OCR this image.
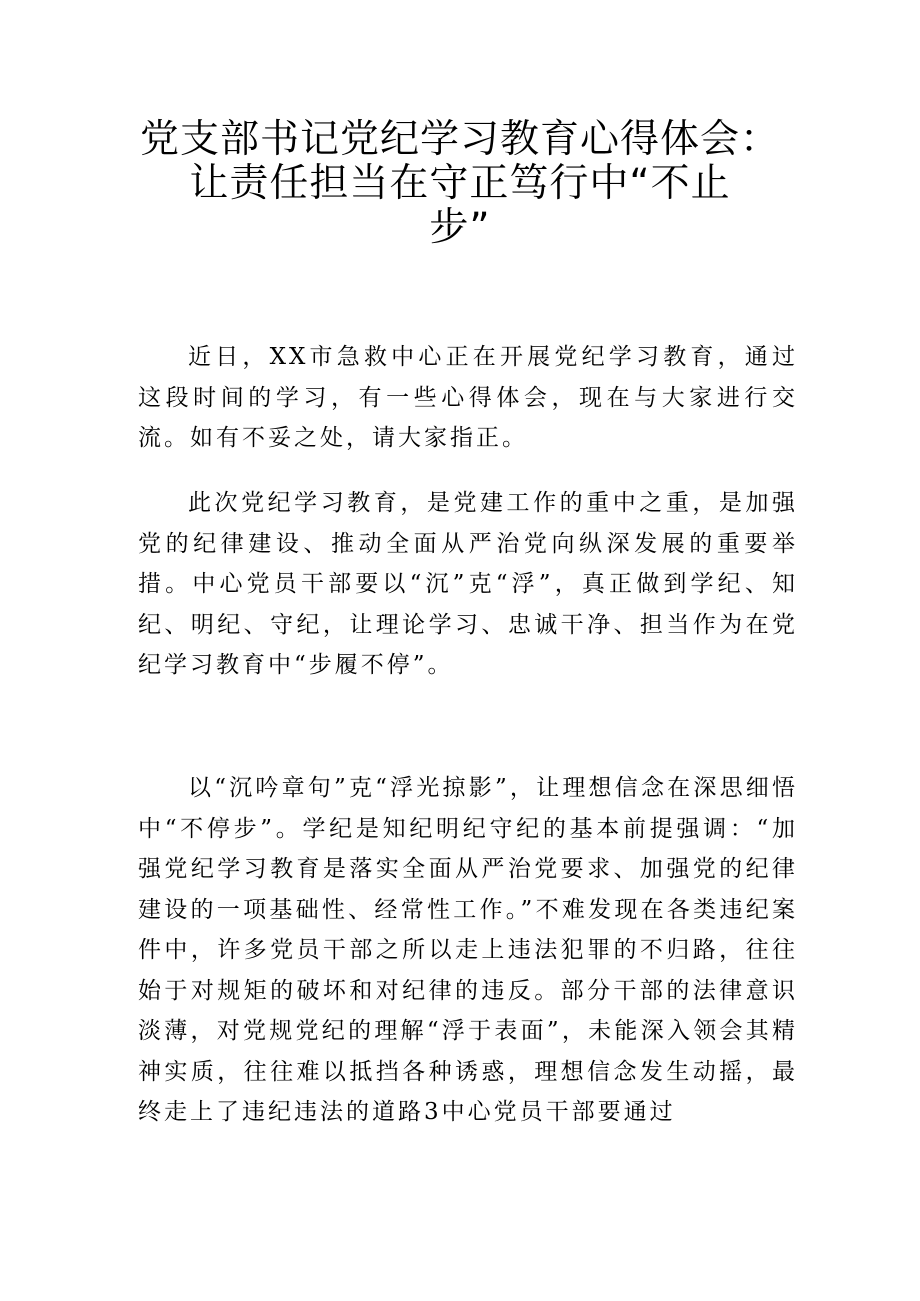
党支部书记党纪学习教育心得体会：
让责任担当在守正笃行中“不止
步”

近日，XX市急救中心正在开展党纪学习教育，通过这段时间的学习，有一些心得体会，现在与大家进行交流。如有不妥之处，请大家指正。

此次党纪学习教育，是党建工作的重中之重，是加强党的纪律建设、推动全面从严治党向纵深发展的重要举措。中心党员干部要以“沉”克“浮”，真正做到学纪、知纪、明纪、守纪，让理论学习、忠诚干净、担当作为在党纪学习教育中“步履不停”。

以“沉吟章句”克“浮光掠影”，让理想信念在深思细悟中“不停步”。学纪是知纪明纪守纪的基本前提强调：“加强党纪学习教育是落实全面从严治党要求、加强党的纪律建设的一项基础性、经常性工作。”不难发现在各类违纪案件中，许多党员干部之所以走上违法犯罪的不归路，往往始于对规矩的破坏和对纪律的违反。部分干部的法律意识淡薄，对党规党纪的理解“浮于表面”，未能深入领会其精神实质，往往难以抵挡各种诱惑，理想信念发生动摇，最终走上了违纪违法的道路3中心党员干部要通过
